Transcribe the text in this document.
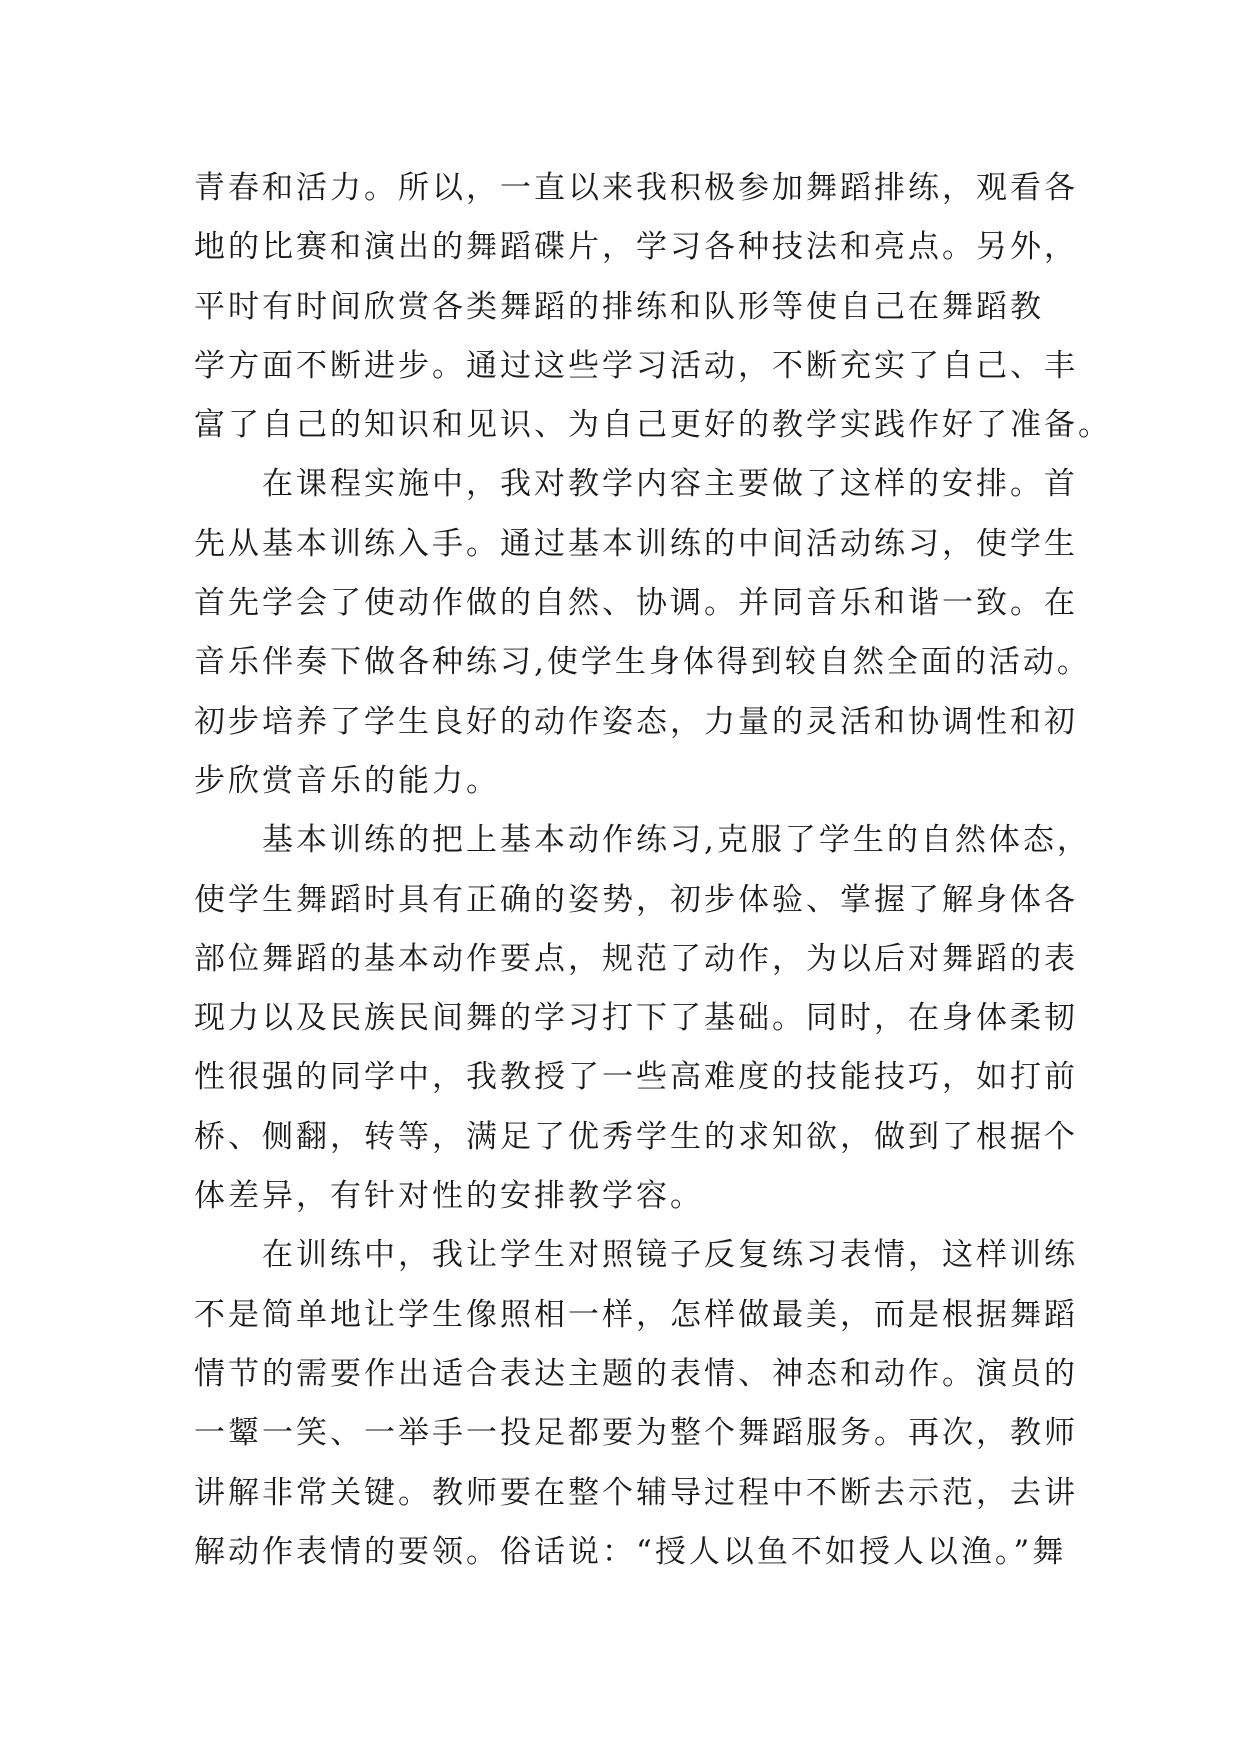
青春和活力。所以，一直以来我积极参加舞蹈排练，观看各
地的比赛和演出的舞蹈碟片，学习各种技法和亮点。另外，
平时有时间欣赏各类舞蹈的排练和队形等使自己在舞蹈教
学方面不断进步。通过这些学习活动，不断充实了自己、丰
富了自己的知识和见识、为自己更好的教学实践作好了准备。
在课程实施中，我对教学内容主要做了这样的安排。首
先从基本训练入手。通过基本训练的中间活动练习，使学生
首先学会了使动作做的自然、协调。并同音乐和谐一致。在
音乐伴奏下做各种练习,使学生身体得到较自然全面的活动。
初步培养了学生良好的动作姿态，力量的灵活和协调性和初
步欣赏音乐的能力。
基本训练的把上基本动作练习,克服了学生的自然体态，
使学生舞蹈时具有正确的姿势，初步体验、掌握了解身体各
部位舞蹈的基本动作要点，规范了动作，为以后对舞蹈的表
现力以及民族民间舞的学习打下了基础。同时，在身体柔韧
性很强的同学中，我教授了一些高难度的技能技巧，如打前
桥、侧翻，转等，满足了优秀学生的求知欲，做到了根据个
体差异，有针对性的安排教学容。
在训练中，我让学生对照镜子反复练习表情，这样训练
不是简单地让学生像照相一样，怎样做最美，而是根据舞蹈
情节的需要作出适合表达主题的表情、神态和动作。演员的
一颦一笑、一举手一投足都要为整个舞蹈服务。再次，教师
讲解非常关键。教师要在整个辅导过程中不断去示范，去讲
解动作表情的要领。俗话说：“授人以鱼不如授人以渔。”舞
